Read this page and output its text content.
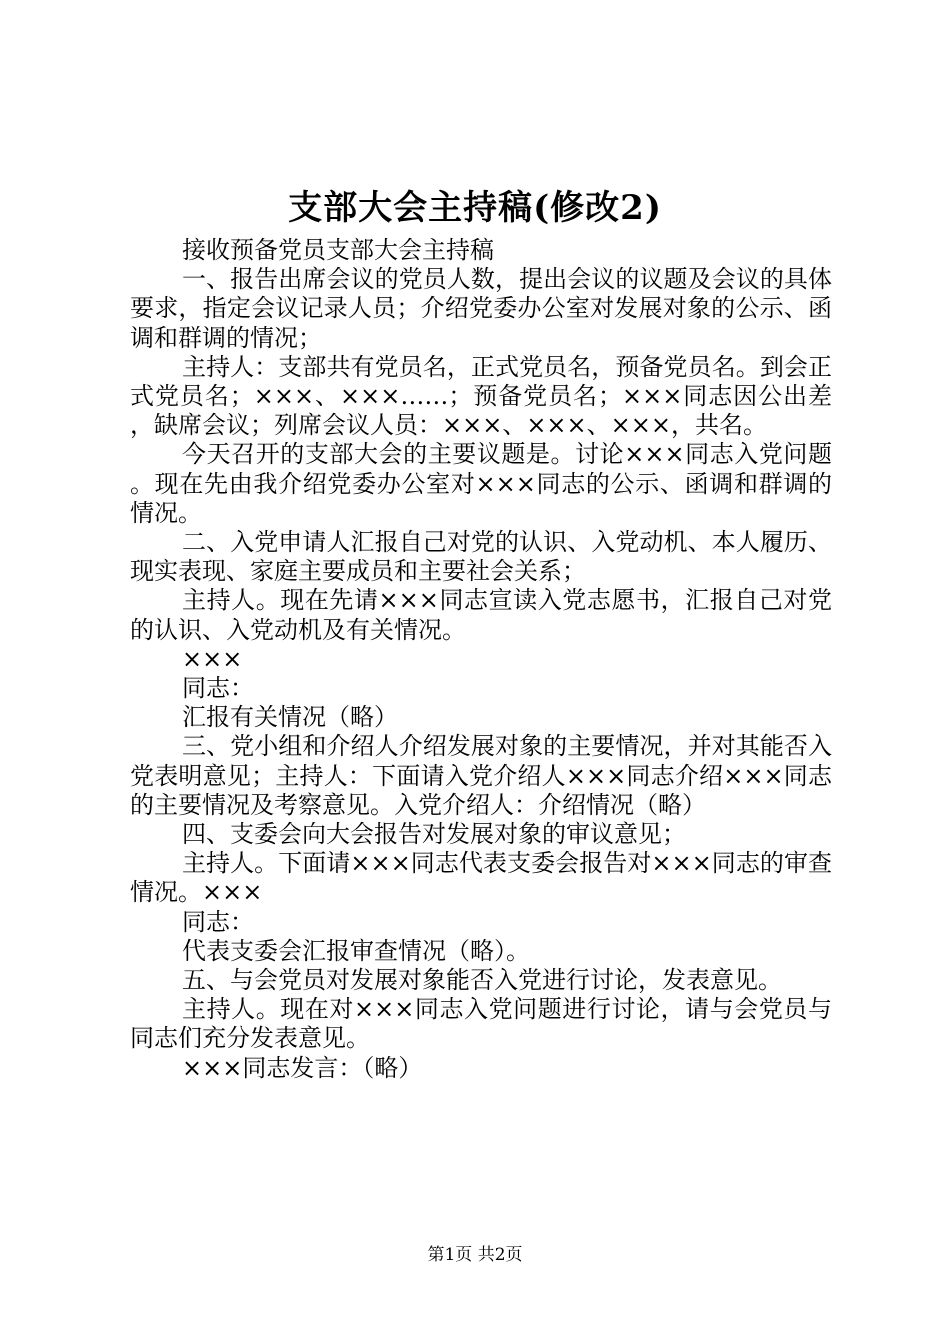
支部大会主持稿(修改2)

接收预备党员支部大会主持稿

一、报告出席会议的党员人数，提出会议的议题及会议的具体要求，指定会议记录人员；介绍党委办公室对发展对象的公示、函调和群调的情况；

主持人：支部共有党员名，正式党员名，预备党员名。到会正式党员名；×××、×××……；预备党员名；×××同志因公出差，缺席会议；列席会议人员：×××、×××、×××，共名。

今天召开的支部大会的主要议题是。讨论×××同志入党问题。现在先由我介绍党委办公室对×××同志的公示、函调和群调的情况。

二、入党申请人汇报自己对党的认识、入党动机、本人履历、现实表现、家庭主要成员和主要社会关系；

主持人。现在先请×××同志宣读入党志愿书，汇报自己对党的认识、入党动机及有关情况。

×××

同志：

汇报有关情况（略）

三、党小组和介绍人介绍发展对象的主要情况，并对其能否入党表明意见；主持人：下面请入党介绍人×××同志介绍×××同志的主要情况及考察意见。入党介绍人：介绍情况（略）

四、支委会向大会报告对发展对象的审议意见；

主持人。下面请×××同志代表支委会报告对×××同志的审查情况。×××

同志：

代表支委会汇报审查情况（略）。

五、与会党员对发展对象能否入党进行讨论，发表意见。

主持人。现在对×××同志入党问题进行讨论，请与会党员与同志们充分发表意见。

×××同志发言：（略）

第1页 共2页
